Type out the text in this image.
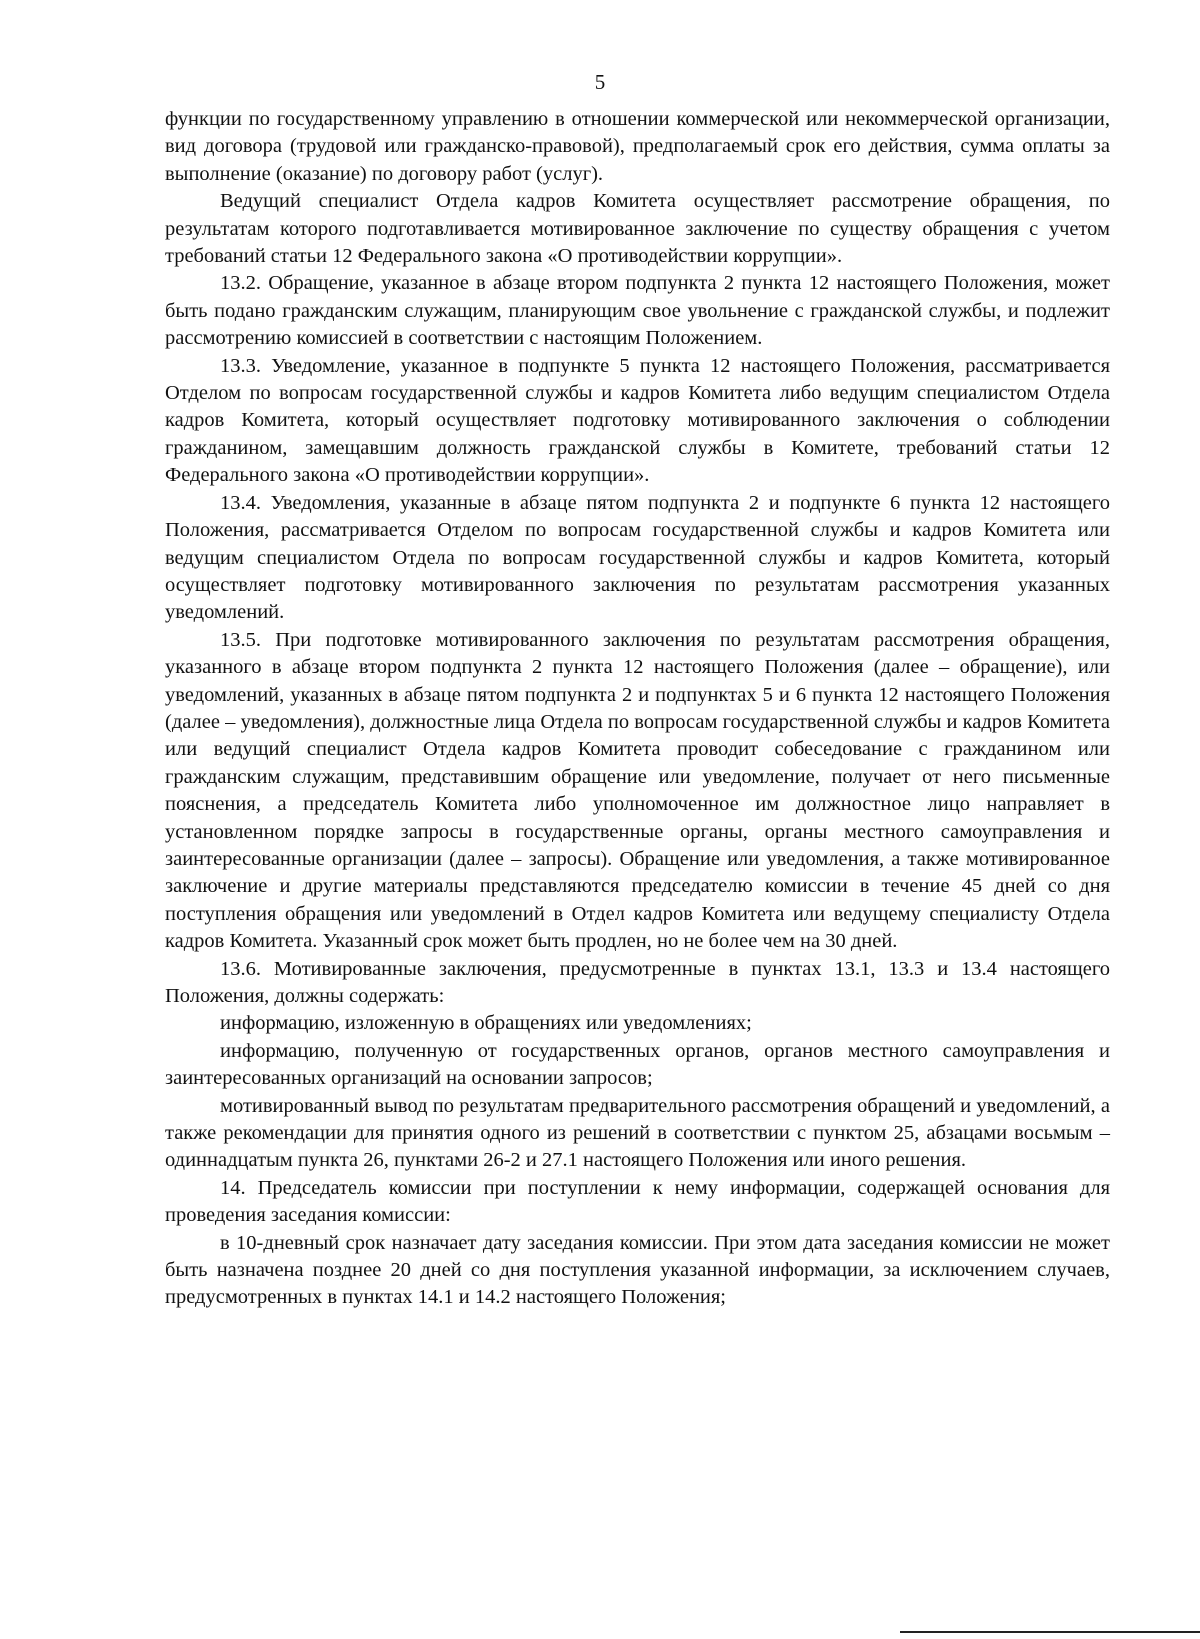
5

функции по государственному управлению в отношении коммерческой или некоммерческой организации, вид договора (трудовой или гражданско-правовой), предполагаемый срок его действия, сумма оплаты за выполнение (оказание) по договору работ (услуг).

Ведущий специалист Отдела кадров Комитета осуществляет рассмотрение обращения, по результатам которого подготавливается мотивированное заключение по существу обращения с учетом требований статьи 12 Федерального закона «О противодействии коррупции».

13.2. Обращение, указанное в абзаце втором подпункта 2 пункта 12 настоящего Положения, может быть подано гражданским служащим, планирующим свое увольнение с гражданской службы, и подлежит рассмотрению комиссией в соответствии с настоящим Положением.

13.3. Уведомление, указанное в подпункте 5 пункта 12 настоящего Положения, рассматривается Отделом по вопросам государственной службы и кадров Комитета либо ведущим специалистом Отдела кадров Комитета, который осуществляет подготовку мотивированного заключения о соблюдении гражданином, замещавшим должность гражданской службы в Комитете, требований статьи 12 Федерального закона «О противодействии коррупции».

13.4. Уведомления, указанные в абзаце пятом подпункта 2 и подпункте 6 пункта 12 настоящего Положения, рассматривается Отделом по вопросам государственной службы и кадров Комитета или ведущим специалистом Отдела по вопросам государственной службы и кадров Комитета, который осуществляет подготовку мотивированного заключения по результатам рассмотрения указанных уведомлений.

13.5. При подготовке мотивированного заключения по результатам рассмотрения обращения, указанного в абзаце втором подпункта 2 пункта 12 настоящего Положения (далее – обращение), или уведомлений, указанных в абзаце пятом подпункта 2 и подпунктах 5 и 6 пункта 12 настоящего Положения (далее – уведомления), должностные лица Отдела по вопросам государственной службы и кадров Комитета или ведущий специалист Отдела кадров Комитета проводит собеседование с гражданином или гражданским служащим, представившим обращение или уведомление, получает от него письменные пояснения, а председатель Комитета либо уполномоченное им должностное лицо направляет в установленном порядке запросы в государственные органы, органы местного самоуправления и заинтересованные организации (далее – запросы). Обращение или уведомления, а также мотивированное заключение и другие материалы представляются председателю комиссии в течение 45 дней со дня поступления обращения или уведомлений в Отдел кадров Комитета или ведущему специалисту Отдела кадров Комитета. Указанный срок может быть продлен, но не более чем на 30 дней.

13.6. Мотивированные заключения, предусмотренные в пунктах 13.1, 13.3 и 13.4 настоящего Положения, должны содержать:

информацию, изложенную в обращениях или уведомлениях;

информацию, полученную от государственных органов, органов местного самоуправления и заинтересованных организаций на основании запросов;

мотивированный вывод по результатам предварительного рассмотрения обращений и уведомлений, а также рекомендации для принятия одного из решений в соответствии с пунктом 25, абзацами восьмым – одиннадцатым пункта 26, пунктами 26-2 и 27.1 настоящего Положения или иного решения.

14. Председатель комиссии при поступлении к нему информации, содержащей основания для проведения заседания комиссии:

в 10-дневный срок назначает дату заседания комиссии. При этом дата заседания комиссии не может быть назначена позднее 20 дней со дня поступления указанной информации, за исключением случаев, предусмотренных в пунктах 14.1 и 14.2 настоящего Положения;
